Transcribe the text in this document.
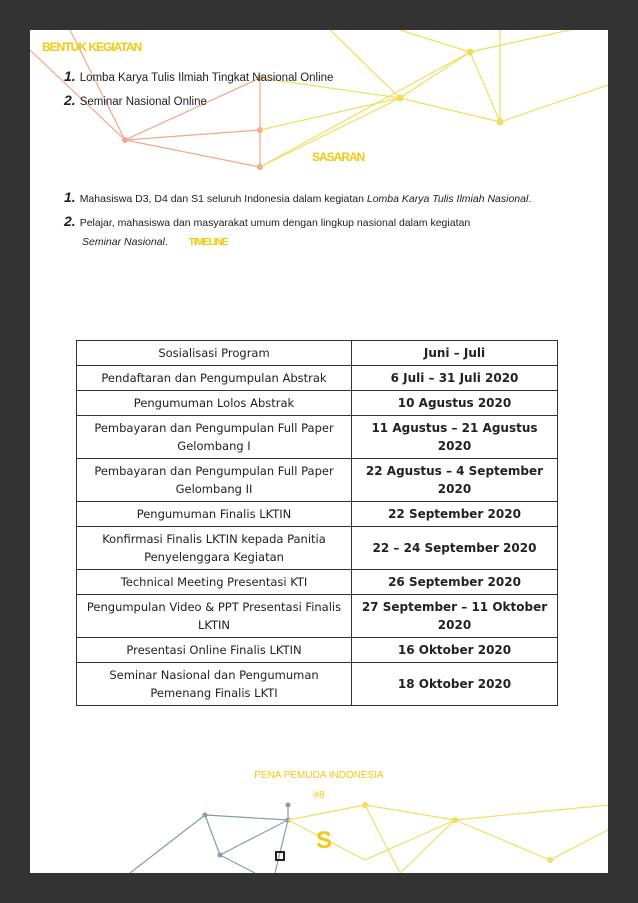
BENTUK KEGIATAN
1. Lomba Karya Tulis Ilmiah Tingkat Nasional Online
2. Seminar Nasional Online
SASARAN
1. Mahasiswa D3, D4 dan S1 seluruh Indonesia dalam kegiatan Lomba Karya Tulis Ilmiah Nasional.
2. Pelajar, mahasiswa dan masyarakat umum dengan lingkup nasional dalam kegiatan
Seminar Nasional. TIMELINE
Sosialisasi Program	Juni – Juli
Pendaftaran dan Pengumpulan Abstrak	6 Juli – 31 Juli 2020
Pengumuman Lolos Abstrak	10 Agustus 2020
Pembayaran dan Pengumpulan Full Paper Gelombang I	11 Agustus – 21 Agustus 2020
Pembayaran dan Pengumpulan Full Paper Gelombang II	22 Agustus – 4 September 2020
Pengumuman Finalis LKTIN	22 September 2020
Konfirmasi Finalis LKTIN kepada Panitia Penyelenggara Kegiatan	22 – 24 September 2020
Technical Meeting Presentasi KTI	26 September 2020
Pengumpulan Video & PPT Presentasi Finalis LKTIN	27 September – 11 Oktober 2020
Presentasi Online Finalis LKTIN	16 Oktober 2020
Seminar Nasional dan Pengumuman Pemenang Finalis LKTI	18 Oktober 2020
PENA PEMUDA INDONESIA
#8
S
